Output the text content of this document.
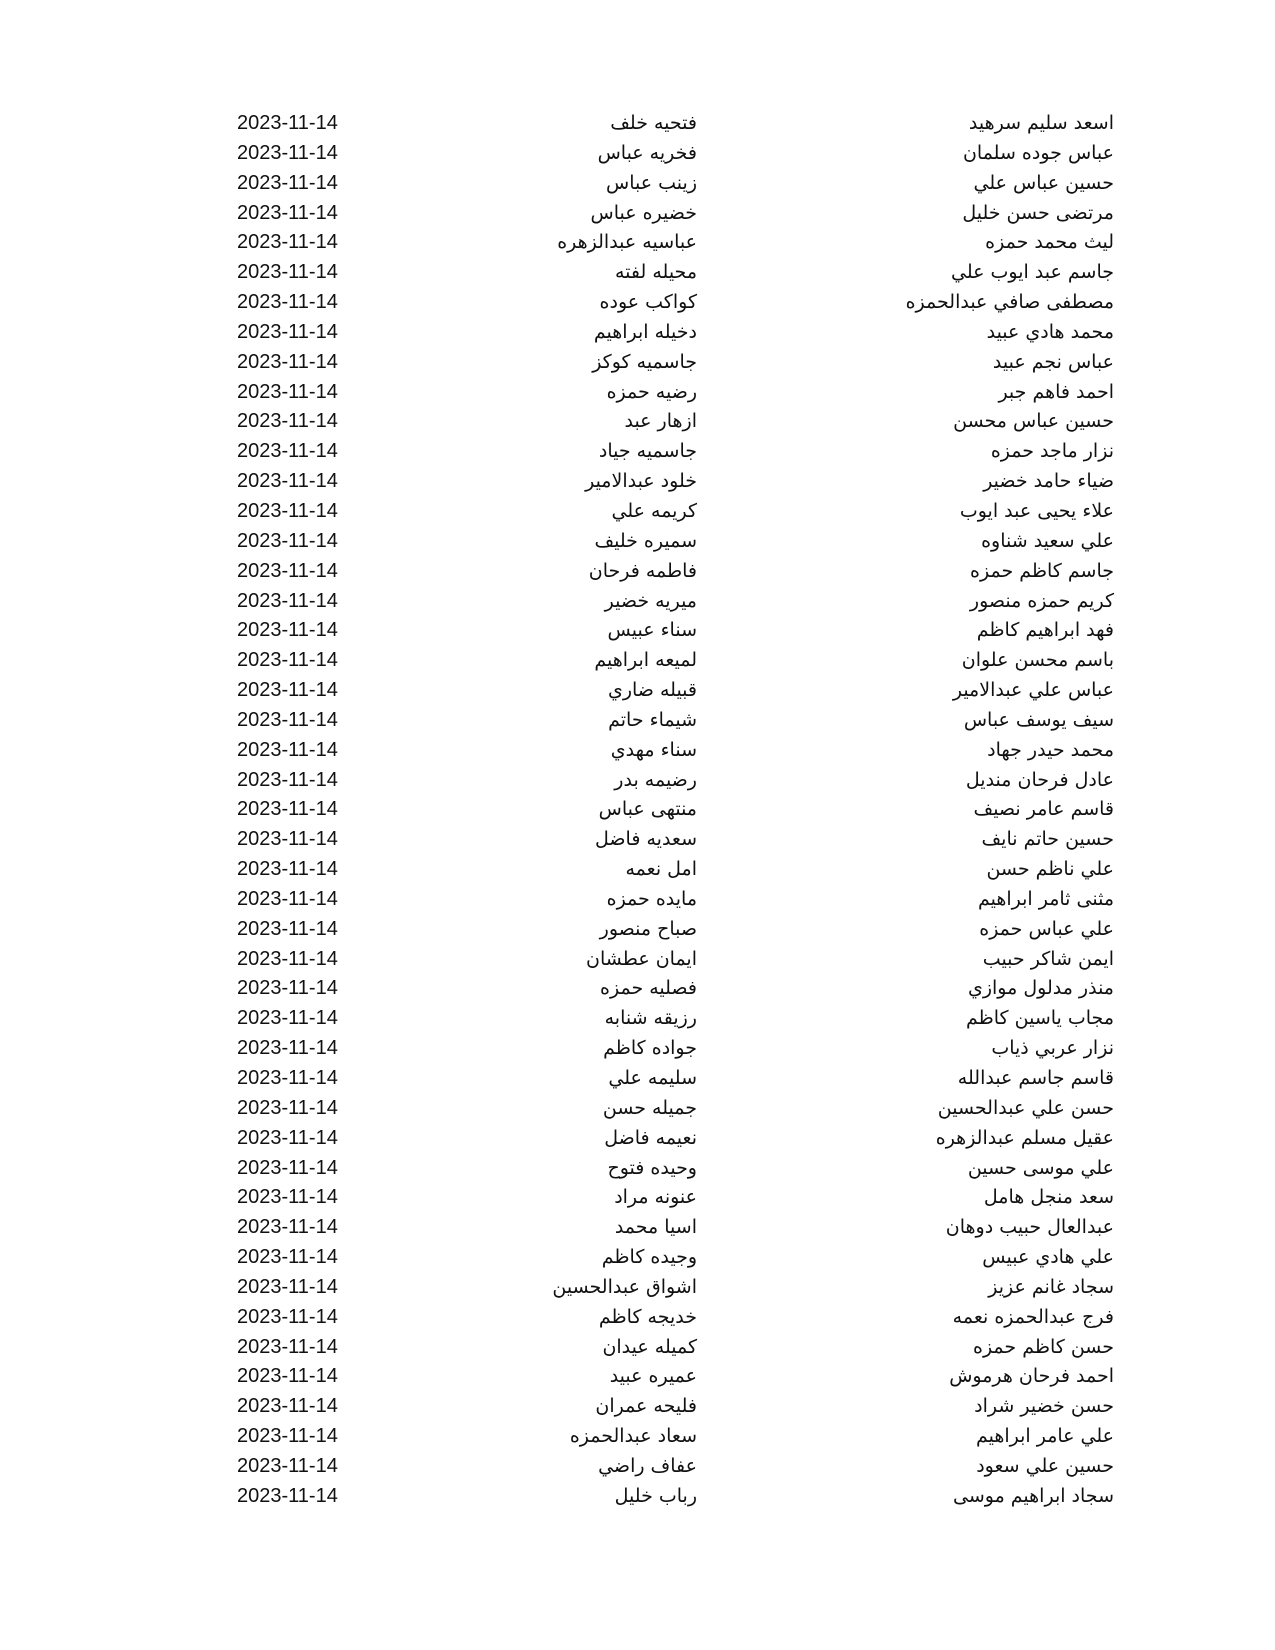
اسعد سليم سرهيد
فتحيه خلف
2023-11-14
عباس جوده سلمان
فخريه عباس
2023-11-14
حسين عباس علي
زينب عباس
2023-11-14
مرتضى حسن خليل
خضيره عباس
2023-11-14
ليث محمد حمزه
عباسيه عبدالزهره
2023-11-14
جاسم عبد ايوب علي
محيله لفته
2023-11-14
مصطفى صافي عبدالحمزه
كواكب عوده
2023-11-14
محمد هادي عبيد
دخيله ابراهيم
2023-11-14
عباس نجم عبيد
جاسميه كوكز
2023-11-14
احمد فاهم جبر
رضيه حمزه
2023-11-14
حسين عباس محسن
ازهار عبد
2023-11-14
نزار ماجد حمزه
جاسميه جياد
2023-11-14
ضياء حامد خضير
خلود عبدالامير
2023-11-14
علاء يحيى عبد ايوب
كريمه علي
2023-11-14
علي سعيد شناوه
سميره خليف
2023-11-14
جاسم كاظم حمزه
فاطمه فرحان
2023-11-14
كريم حمزه منصور
ميريه خضير
2023-11-14
فهد ابراهيم كاظم
سناء عبيس
2023-11-14
باسم محسن علوان
لميعه ابراهيم
2023-11-14
عباس علي عبدالامير
قبيله ضاري
2023-11-14
سيف يوسف عباس
شيماء حاتم
2023-11-14
محمد حيدر جهاد
سناء مهدي
2023-11-14
عادل فرحان منديل
رضيمه بدر
2023-11-14
قاسم عامر نصيف
منتهى عباس
2023-11-14
حسين حاتم نايف
سعديه فاضل
2023-11-14
علي ناظم حسن
امل نعمه
2023-11-14
مثنى ثامر ابراهيم
مايده حمزه
2023-11-14
علي عباس حمزه
صباح منصور
2023-11-14
ايمن شاكر حبيب
ايمان عطشان
2023-11-14
منذر مدلول موازي
فصليه حمزه
2023-11-14
مجاب ياسين كاظم
رزيقه شنابه
2023-11-14
نزار عربي ذياب
جواده كاظم
2023-11-14
قاسم جاسم عبدالله
سليمه علي
2023-11-14
حسن علي عبدالحسين
جميله حسن
2023-11-14
عقيل مسلم عبدالزهره
نعيمه فاضل
2023-11-14
علي موسى حسين
وحيده فتوح
2023-11-14
سعد منجل هامل
عنونه مراد
2023-11-14
عبدالعال حبيب دوهان
اسيا محمد
2023-11-14
علي هادي عبيس
وجيده كاظم
2023-11-14
سجاد غانم عزيز
اشواق عبدالحسين
2023-11-14
فرج عبدالحمزه نعمه
خديجه كاظم
2023-11-14
حسن كاظم حمزه
كميله عيدان
2023-11-14
احمد فرحان هرموش
عميره عبيد
2023-11-14
حسن خضير شراد
فليحه عمران
2023-11-14
علي عامر ابراهيم
سعاد عبدالحمزه
2023-11-14
حسين علي سعود
عفاف راضي
2023-11-14
سجاد ابراهيم موسى
رباب خليل
2023-11-14
